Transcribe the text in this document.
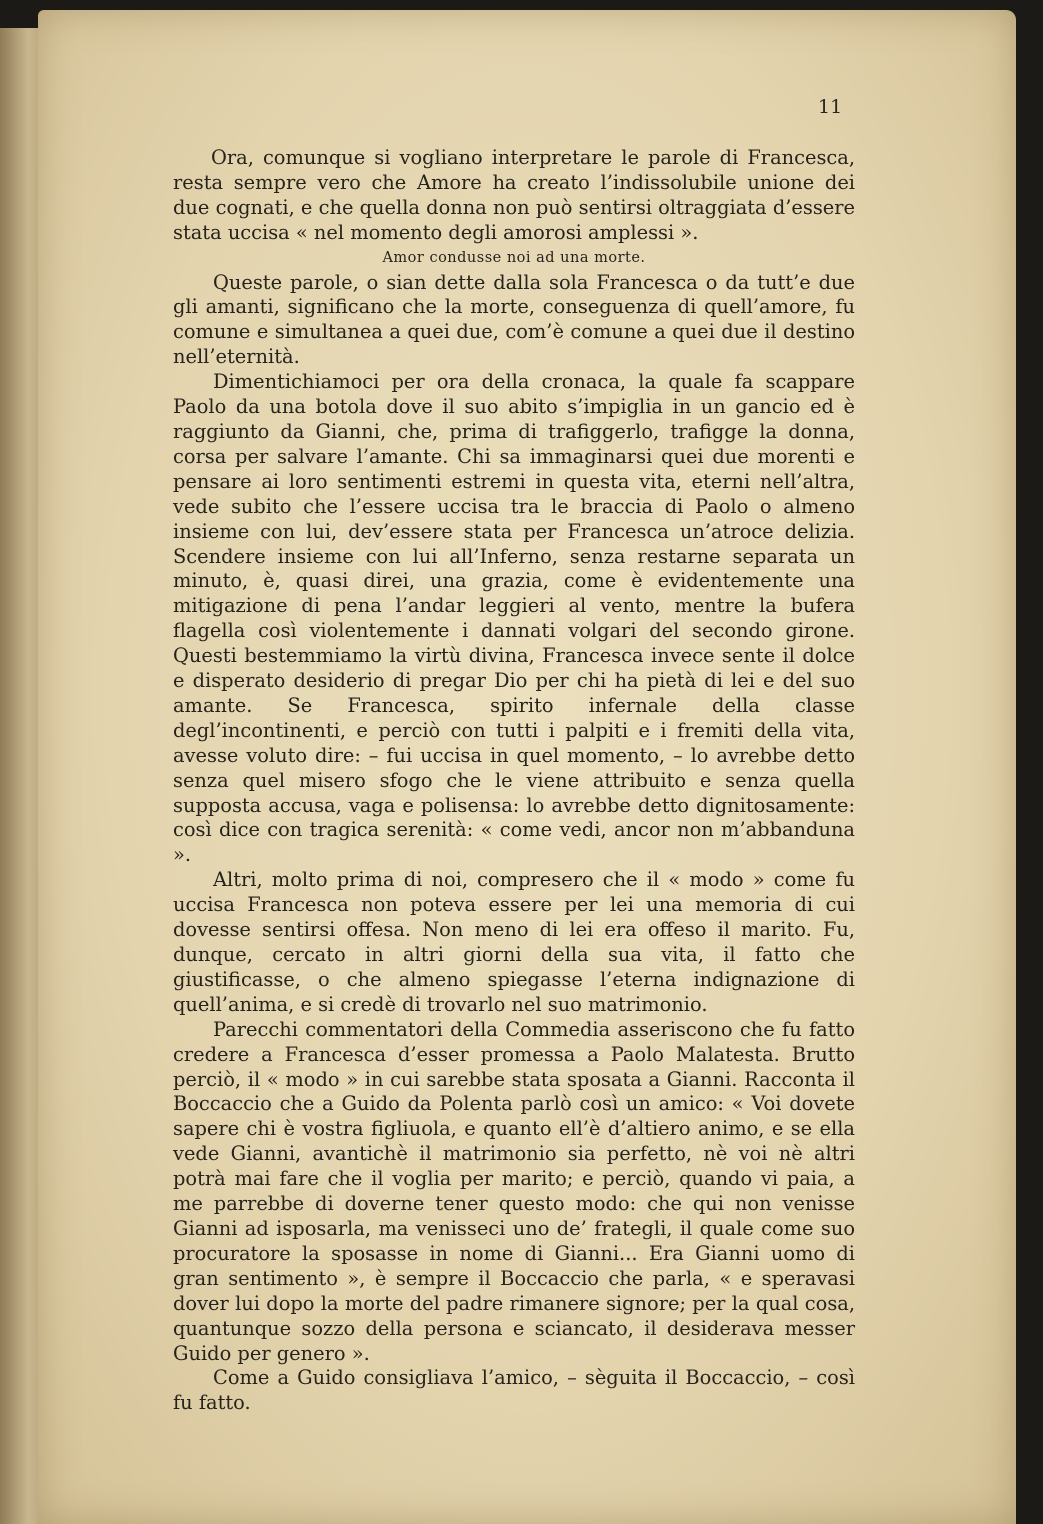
11

Ora, comunque si vogliano interpretare le parole di Francesca, resta sempre vero che Amore ha creato l’indissolubile unione dei due cognati, e che quella donna non può sentirsi oltraggiata d’essere stata uccisa « nel momento degli amorosi amplessi ».

Amor condusse noi ad una morte.

Queste parole, o sian dette dalla sola Francesca o da tutt’e due gli amanti, significano che la morte, conseguenza di quell’amore, fu comune e simultanea a quei due, com’è comune a quei due il destino nell’eternità.

Dimentichiamoci per ora della cronaca, la quale fa scappare Paolo da una botola dove il suo abito s’impiglia in un gancio ed è raggiunto da Gianni, che, prima di trafiggerlo, trafigge la donna, corsa per salvare l’amante. Chi sa immaginarsi quei due morenti e pensare ai loro sentimenti estremi in questa vita, eterni nell’altra, vede subito che l’essere uccisa tra le braccia di Paolo o almeno insieme con lui, dev’essere stata per Francesca un’atroce delizia. Scendere insieme con lui all’Inferno, senza restarne separata un minuto, è, quasi direi, una grazia, come è evidentemente una mitigazione di pena l’andar leggieri al vento, mentre la bufera flagella così violentemente i dannati volgari del secondo girone. Questi bestemmiamo la virtù divina, Francesca invece sente il dolce e disperato desiderio di pregar Dio per chi ha pietà di lei e del suo amante. Se Francesca, spirito infernale della classe degl’incontinenti, e perciò con tutti i palpiti e i fremiti della vita, avesse voluto dire: – fui uccisa in quel momento, – lo avrebbe detto senza quel misero sfogo che le viene attribuito e senza quella supposta accusa, vaga e polisensa: lo avrebbe detto dignitosamente: così dice con tragica serenità: « come vedi, ancor non m’abbanduna ».

Altri, molto prima di noi, compresero che il « modo » come fu uccisa Francesca non poteva essere per lei una memoria di cui dovesse sentirsi offesa. Non meno di lei era offeso il marito. Fu, dunque, cercato in altri giorni della sua vita, il fatto che giustificasse, o che almeno spiegasse l’eterna indignazione di quell’anima, e si credè di trovarlo nel suo matrimonio.

Parecchi commentatori della Commedia asseriscono che fu fatto credere a Francesca d’esser promessa a Paolo Malatesta. Brutto perciò, il « modo » in cui sarebbe stata sposata a Gianni. Racconta il Boccaccio che a Guido da Polenta parlò così un amico: « Voi dovete sapere chi è vostra figliuola, e quanto ell’è d’altiero animo, e se ella vede Gianni, avantichè il matrimonio sia perfetto, nè voi nè altri potrà mai fare che il voglia per marito; e perciò, quando vi paia, a me parrebbe di doverne tener questo modo: che qui non venisse Gianni ad isposarla, ma venisseci uno de’ frategli, il quale come suo procuratore la sposasse in nome di Gianni... Era Gianni uomo di gran sentimento », è sempre il Boccaccio che parla, « e speravasi dover lui dopo la morte del padre rimanere signore; per la qual cosa, quantunque sozzo della persona e sciancato, il desiderava messer Guido per genero ».

Come a Guido consigliava l’amico, – sèguita il Boccaccio, – così fu fatto.
